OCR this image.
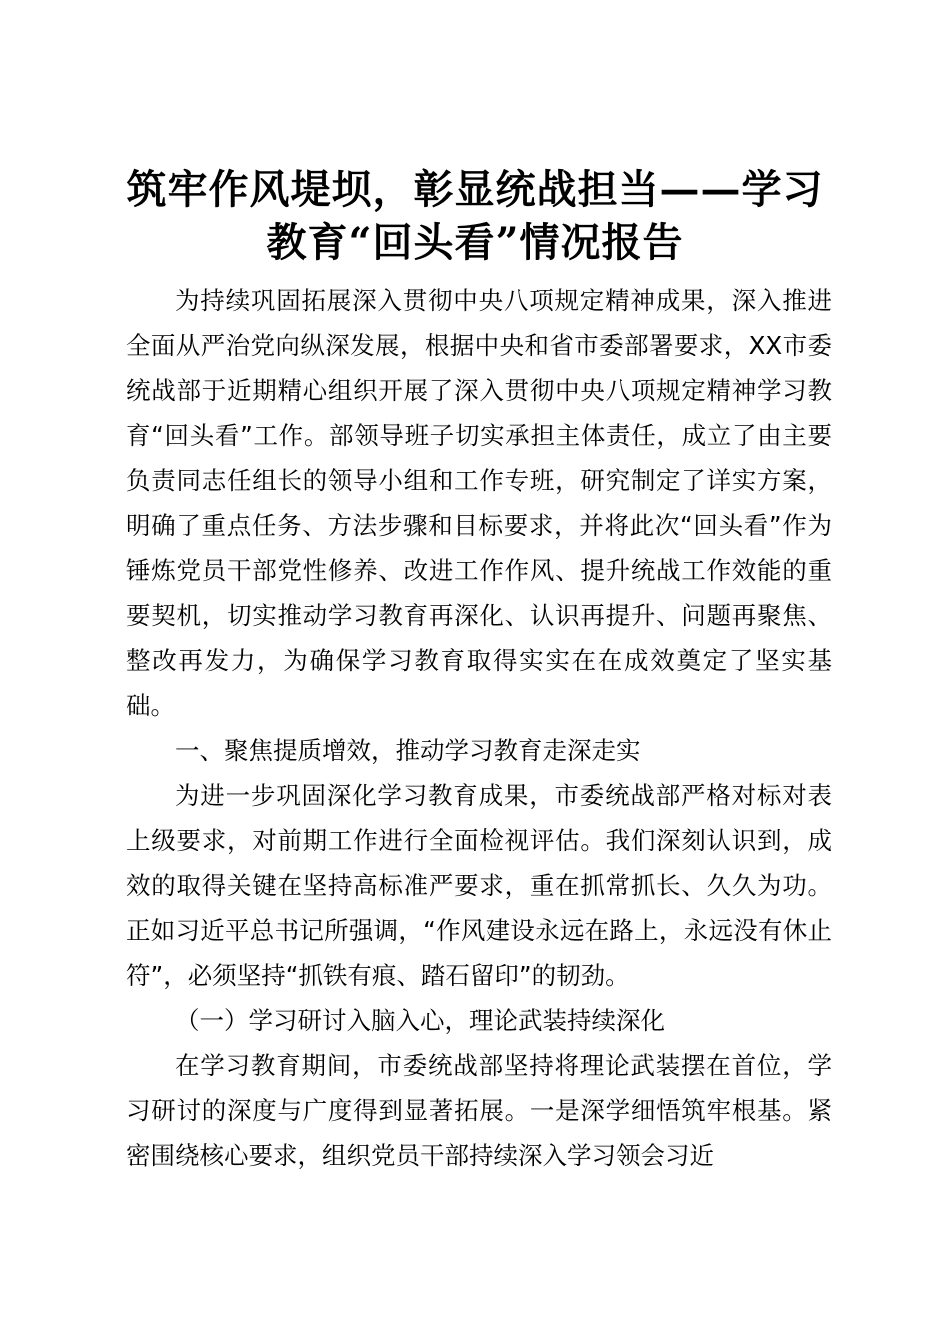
筑牢作风堤坝，彰显统战担当——学习教育“回头看”情况报告

为持续巩固拓展深入贯彻中央八项规定精神成果，深入推进全面从严治党向纵深发展，根据中央和省市委部署要求，XX市委统战部于近期精心组织开展了深入贯彻中央八项规定精神学习教育“回头看”工作。部领导班子切实承担主体责任，成立了由主要负责同志任组长的领导小组和工作专班，研究制定了详实方案，明确了重点任务、方法步骤和目标要求，并将此次“回头看”作为锤炼党员干部党性修养、改进工作作风、提升统战工作效能的重要契机，切实推动学习教育再深化、认识再提升、问题再聚焦、整改再发力，为确保学习教育取得实实在在成效奠定了坚实基础。

一、聚焦提质增效，推动学习教育走深走实

为进一步巩固深化学习教育成果，市委统战部严格对标对表上级要求，对前期工作进行全面检视评估。我们深刻认识到，成效的取得关键在坚持高标准严要求，重在抓常抓长、久久为功。正如习近平总书记所强调，“作风建设永远在路上，永远没有休止符”，必须坚持“抓铁有痕、踏石留印”的韧劲。

（一）学习研讨入脑入心，理论武装持续深化

在学习教育期间，市委统战部坚持将理论武装摆在首位，学习研讨的深度与广度得到显著拓展。一是深学细悟筑牢根基。紧密围绕核心要求，组织党员干部持续深入学习领会习近
